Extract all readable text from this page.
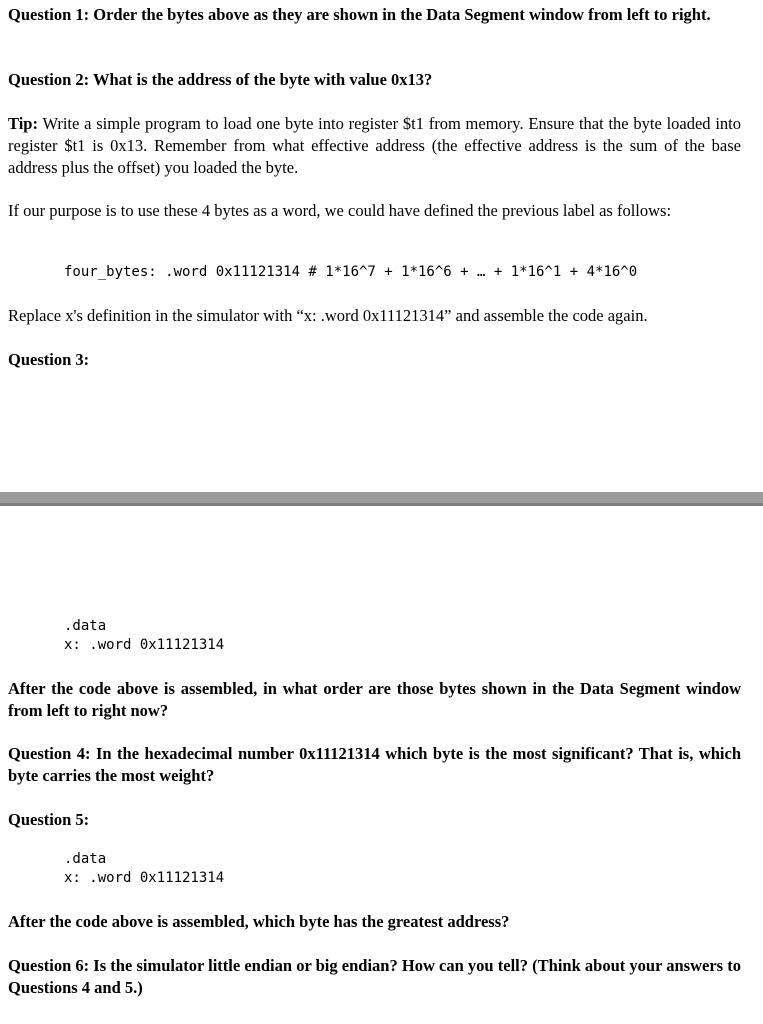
Question 1: Order the bytes above as they are shown in the Data Segment window from left to right.
Question 2: What is the address of the byte with value 0x13?
Tip: Write a simple program to load one byte into register $t1 from memory. Ensure that the byte loaded into register $t1 is 0x13. Remember from what effective address (the effective address is the sum of the base address plus the offset) you loaded the byte.
If our purpose is to use these 4 bytes as a word, we could have defined the previous label as follows:
four_bytes: .word 0x11121314 # 1*16^7 + 1*16^6 + … + 1*16^1 + 4*16^0
Replace x's definition in the simulator with “x: .word 0x11121314” and assemble the code again.
Question 3:
.data
x: .word 0x11121314
After the code above is assembled, in what order are those bytes shown in the Data Segment window from left to right now?
Question 4: In the hexadecimal number 0x11121314 which byte is the most significant? That is, which byte carries the most weight?
Question 5:
.data
x: .word 0x11121314
After the code above is assembled, which byte has the greatest address?
Question 6: Is the simulator little endian or big endian? How can you tell? (Think about your answers to Questions 4 and 5.)
